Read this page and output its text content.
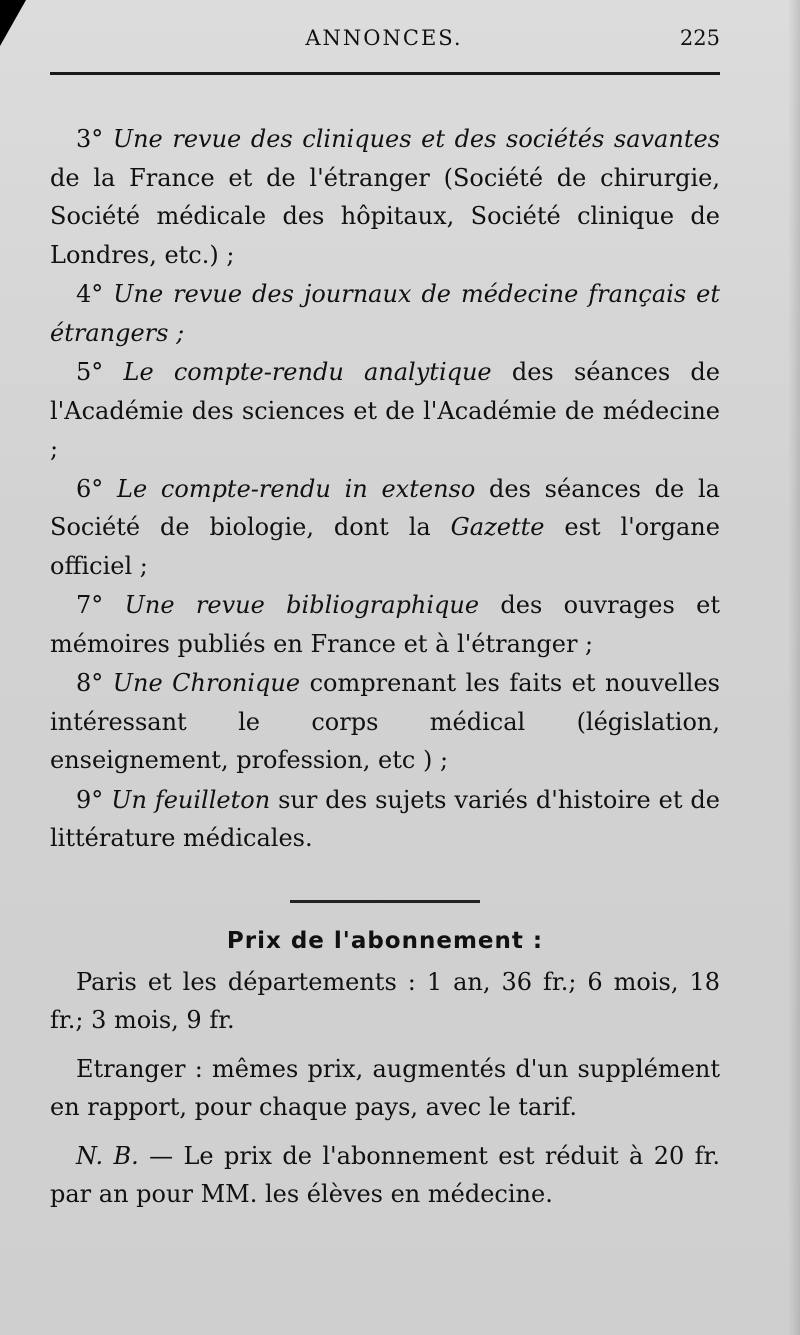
ANNONCES.	225

3° Une revue des cliniques et des sociétés savantes de la France et de l'étranger (Société de chirurgie, Société médicale des hôpitaux, Société clinique de Londres, etc.) ;

4° Une revue des journaux de médecine français et étrangers ;

5° Le compte-rendu analytique des séances de l'Académie des sciences et de l'Académie de médecine ;

6° Le compte-rendu in extenso des séances de la Société de biologie, dont la Gazette est l'organe officiel ;

7° Une revue bibliographique des ouvrages et mémoires publiés en France et à l'étranger ;

8° Une Chronique comprenant les faits et nouvelles intéressant le corps médical (législation, enseignement, profession, etc ) ;

9° Un feuilleton sur des sujets variés d'histoire et de littérature médicales.

Prix de l'abonnement :

Paris et les départements : 1 an, 36 fr.; 6 mois, 18 fr.; 3 mois, 9 fr.

Etranger : mêmes prix, augmentés d'un supplément en rapport, pour chaque pays, avec le tarif.

N. B. — Le prix de l'abonnement est réduit à 20 fr. par an pour MM. les élèves en médecine.
